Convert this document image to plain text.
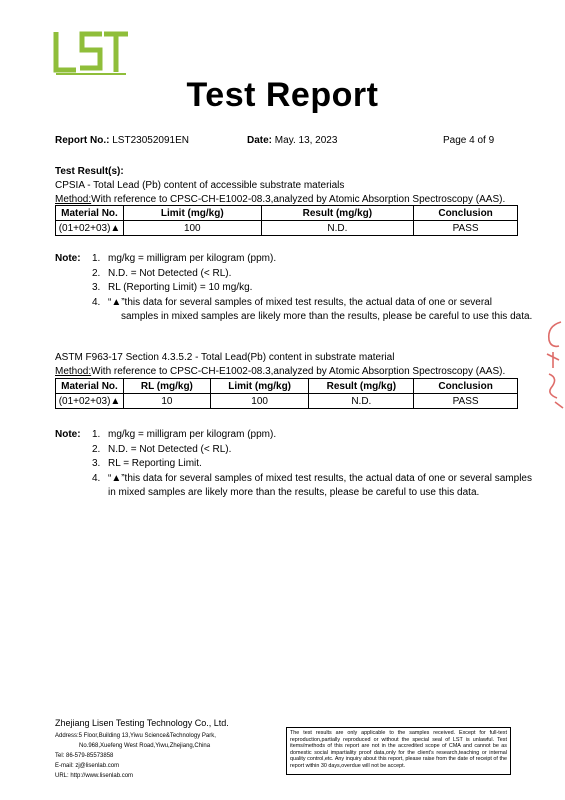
Test Report
Report No.: LST23052091EN	Date: May. 13, 2023	Page 4 of 9
Test Result(s):
CPSIA - Total Lead (Pb) content of accessible substrate materials
Method:With reference to CPSC-CH-E1002-08.3,analyzed by Atomic Absorption Spectroscopy (AAS).
Material No.	Limit (mg/kg)	Result (mg/kg)	Conclusion
(01+02+03)▲	100	N.D.	PASS
Note: 1. mg/kg = milligram per kilogram (ppm).
2. N.D. = Not Detected (< RL).
3. RL (Reporting Limit) = 10 mg/kg.
4. “▲”this data for several samples of mixed test results, the actual data of one or several
samples in mixed samples are likely more than the results, please be careful to use this data.
ASTM F963-17 Section 4.3.5.2 - Total Lead(Pb) content in substrate material
Method:With reference to CPSC-CH-E1002-08.3,analyzed by Atomic Absorption Spectroscopy (AAS).
Material No.	RL (mg/kg)	Limit (mg/kg)	Result (mg/kg)	Conclusion
(01+02+03)▲	10	100	N.D.	PASS
Note: 1. mg/kg = milligram per kilogram (ppm).
2. N.D. = Not Detected (< RL).
3. RL = Reporting Limit.
4. “▲”this data for several samples of mixed test results, the actual data of one or several samples
in mixed samples are likely more than the results, please be careful to use this data.
Zhejiang Lisen Testing Technology Co., Ltd.
Address:5 Floor,Building 13,Yiwu Science&Technology Park,
No.968,Xuefeng West Road,Yiwu,Zhejiang,China
Tel: 86-579-85573858
E-mail: zj@lisenlab.com
URL: http://www.lisenlab.com
The test results are only applicable to the samples received. Except for full-text reproduction,partially reproduced or without the special seal of LST is unlawful. Test items/methods of this report are not in the accredited scope of CMA and cannot be as domestic social impartiality proof data,only for the client's research,teaching or internal quality control,etc. Any inquiry about this report, please raise from the date of receipt of the report within 30 days,overdue will not be accept.
